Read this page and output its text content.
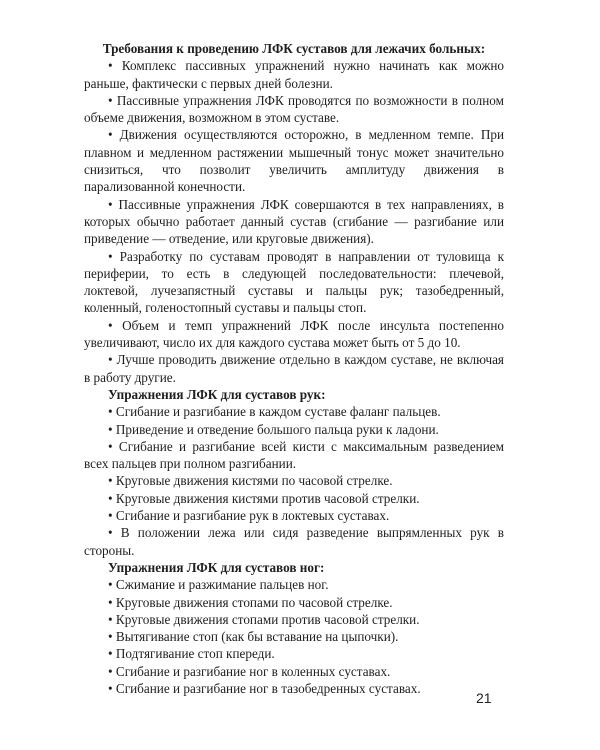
Требования к проведению ЛФК суставов для лежачих больных:

• Комплекс пассивных упражнений нужно начинать как можно раньше, фактически с первых дней болезни.

• Пассивные упражнения ЛФК проводятся по возможности в полном объеме движения, возможном в этом суставе.

• Движения осуществляются осторожно, в медленном темпе. При плавном и медленном растяжении мышечный тонус может значительно снизиться, что позволит увеличить амплитуду движения в парализованной конечности.

• Пассивные упражнения ЛФК совершаются в тех направлениях, в которых обычно работает данный сустав (сгибание — разгибание или приведение — отведение, или круговые движения).

• Разработку по суставам проводят в направлении от туловища к периферии, то есть в следующей последовательности: плечевой, локтевой, лучезапястный суставы и пальцы рук; тазобедренный, коленный, голеностопный суставы и пальцы стоп.

• Объем и темп упражнений ЛФК после инсульта постепенно увеличивают, число их для каждого сустава может быть от 5 до 10.

• Лучше проводить движение отдельно в каждом суставе, не включая в работу другие.

Упражнения ЛФК для суставов рук:

• Сгибание и разгибание в каждом суставе фаланг пальцев.

• Приведение и отведение большого пальца руки к ладони.

• Сгибание и разгибание всей кисти с максимальным разведением всех пальцев при полном разгибании.

• Круговые движения кистями по часовой стрелке.

• Круговые движения кистями против часовой стрелки.

• Сгибание и разгибание рук в локтевых суставах.

• В положении лежа или сидя разведение выпрямленных рук в стороны.

Упражнения ЛФК для суставов ног:

• Сжимание и разжимание пальцев ног.

• Круговые движения стопами по часовой стрелке.

• Круговые движения стопами против часовой стрелки.

• Вытягивание стоп (как бы вставание на цыпочки).

• Подтягивание стоп кпереди.

• Сгибание и разгибание ног в коленных суставах.

• Сгибание и разгибание ног в тазобедренных суставах.

21
